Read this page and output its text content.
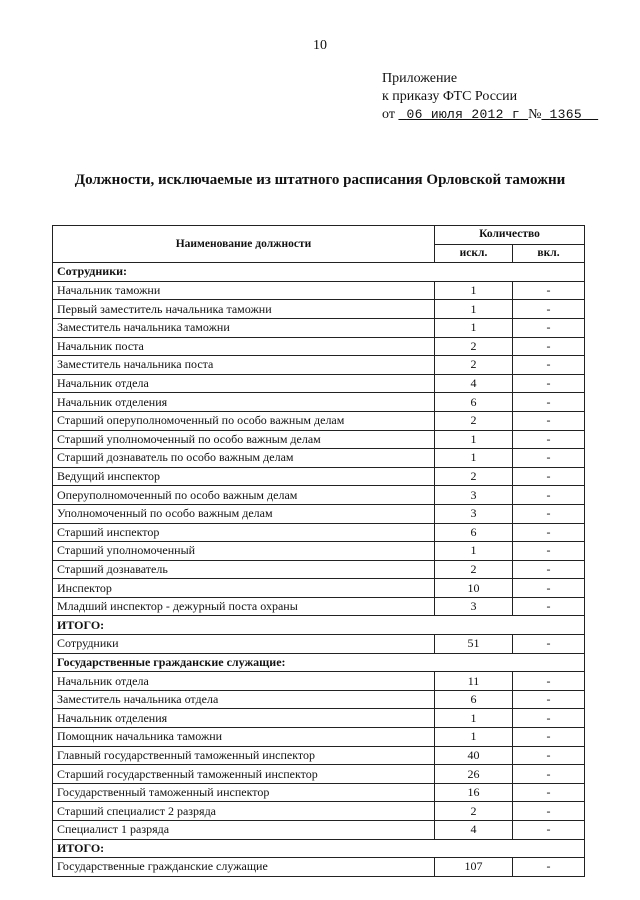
10
Приложение
к приказу ФТС России
от 06 июля 2012 г № 1365
Должности, исключаемые из штатного расписания Орловской таможни
Наименование должности	Количество	
	искл.	вкл.
Сотрудники:		
Начальник таможни	1	-
Первый заместитель начальника таможни	1	-
Заместитель начальника таможни	1	-
Начальник поста	2	-
Заместитель начальника поста	2	-
Начальник отдела	4	-
Начальник отделения	6	-
Старший оперуполномоченный по особо важным делам	2	-
Старший уполномоченный по особо важным делам	1	-
Старший дознаватель по особо важным делам	1	-
Ведущий инспектор	2	-
Оперуполномоченный по особо важным делам	3	-
Уполномоченный по особо важным делам	3	-
Старший инспектор	6	-
Старший уполномоченный	1	-
Старший дознаватель	2	-
Инспектор	10	-
Младший инспектор - дежурный поста охраны	3	-
ИТОГО:		
Сотрудники	51	-
Государственные гражданские служащие:		
Начальник отдела	11	-
Заместитель начальника отдела	6	-
Начальник отделения	1	-
Помощник начальника таможни	1	-
Главный государственный таможенный инспектор	40	-
Старший государственный таможенный инспектор	26	-
Государственный таможенный инспектор	16	-
Старший специалист 2 разряда	2	-
Специалист 1 разряда	4	-
ИТОГО:		
Государственные гражданские служащие	107	-
